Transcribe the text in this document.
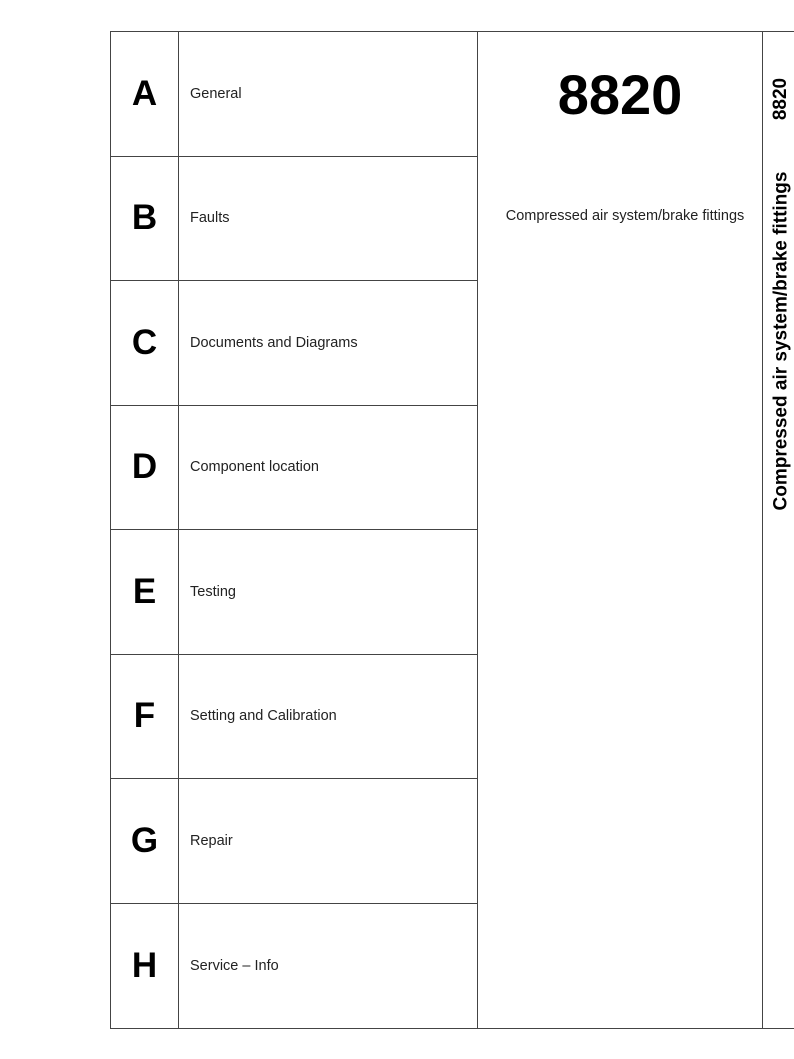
A	General
B	Faults
C	Documents and Diagrams
D	Component location
E	Testing
F	Setting and Calibration
G	Repair
H	Service – Info
8820
Compressed air system/brake fittings
8820
Compressed air system/brake fittings
